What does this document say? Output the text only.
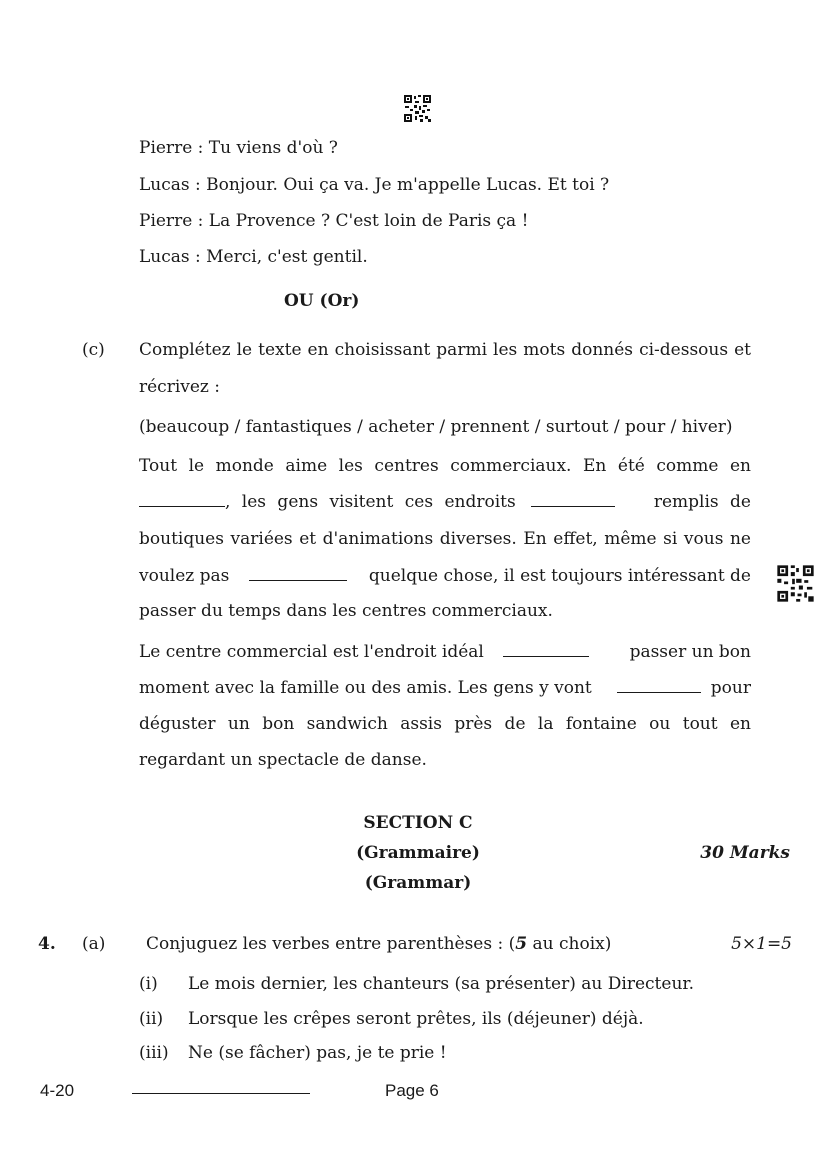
Pierre : Tu viens d'où ?
Lucas : Bonjour. Oui ça va. Je m'appelle Lucas. Et toi ?
Pierre : La Provence ? C'est loin de Paris ça !
Lucas : Merci, c'est gentil.
OU (Or)
(c) Complétez le texte en choisissant parmi les mots donnés ci-dessous et
récrivez :
(beaucoup / fantastiques / acheter / prennent / surtout / pour / hiver)
Tout le monde aime les centres commerciaux. En été comme en
, les gens visitent ces endroits	remplis de
boutiques variées et d'animations diverses. En effet, même si vous ne
voulez pas	quelque chose, il est toujours intéressant de
passer du temps dans les centres commerciaux.
Le centre commercial est l'endroit idéal	passer un bon
moment avec la famille ou des amis. Les gens y vont	pour
déguster un bon sandwich assis près de la fontaine ou tout en
regardant un spectacle de danse.
SECTION C
(Grammaire)	30 Marks
(Grammar)
4. (a) Conjuguez les verbes entre parenthèses : (5 au choix)	5×1=5
(i) Le mois dernier, les chanteurs (sa présenter) au Directeur.
(ii) Lorsque les crêpes seront prêtes, ils (déjeuner) déjà.
(iii) Ne (se fâcher) pas, je te prie !
4-20	Page 6
